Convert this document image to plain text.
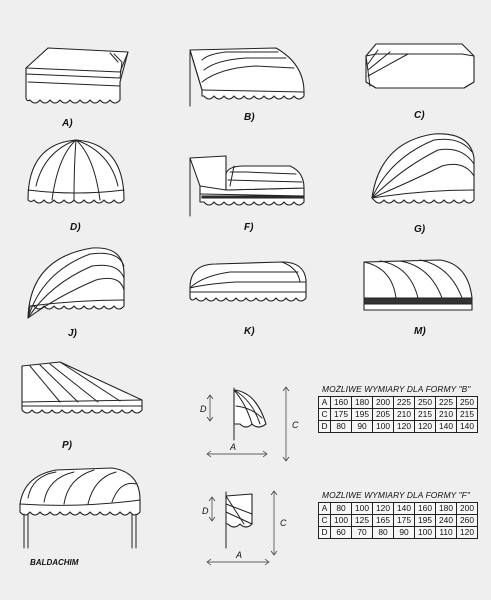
A)
B)	C)
D)	F)	G)
J)	K)	M)
P)
BALDACHIM
D
C
A
D
C
A
MOŻLIWE WYMIARY DLA FORMY "B"
A	160	180	200	225	250	225	250
C	175	195	205	210	215	210	215
D	80	90	100	120	120	140	140
MOŻLIWE WYMIARY DLA FORMY "F"
A	80	100	120	140	160	180	200
C	100	125	165	175	195	240	260
D	60	70	80	90	100	110	120
